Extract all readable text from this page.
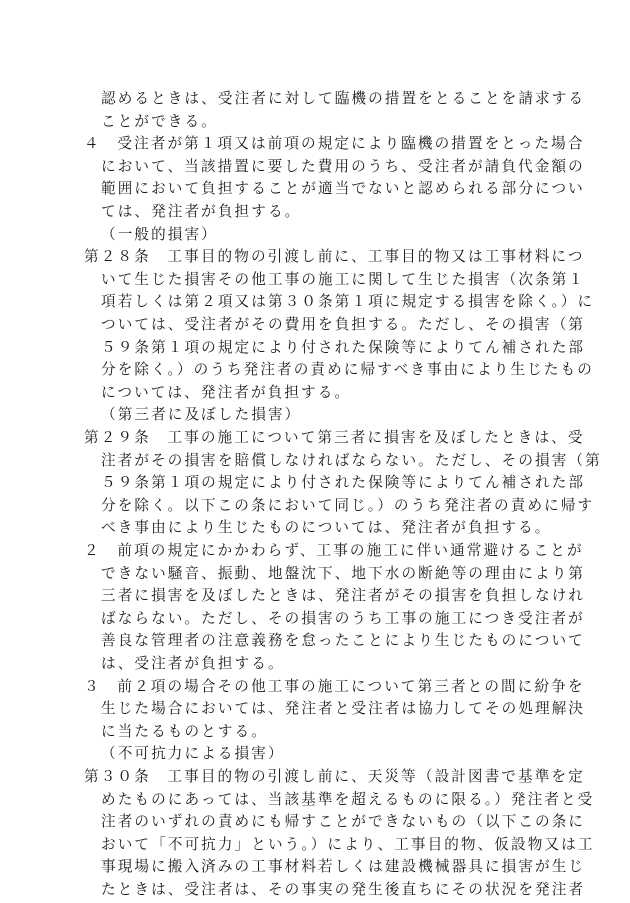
認めるときは、受注者に対して臨機の措置をとることを請求する
ことができる。
４　受注者が第１項又は前項の規定により臨機の措置をとった場合
において、当該措置に要した費用のうち、受注者が請負代金額の
範囲において負担することが適当でないと認められる部分につい
ては、発注者が負担する。
（一般的損害）
第２８条　工事目的物の引渡し前に、工事目的物又は工事材料につ
いて生じた損害その他工事の施工に関して生じた損害（次条第１
項若しくは第２項又は第３０条第１項に規定する損害を除く。）に
ついては、受注者がその費用を負担する。ただし、その損害（第
５９条第１項の規定により付された保険等によりてん補された部
分を除く。）のうち発注者の責めに帰すべき事由により生じたもの
については、発注者が負担する。
（第三者に及ぼした損害）
第２９条　工事の施工について第三者に損害を及ぼしたときは、受
注者がその損害を賠償しなければならない。ただし、その損害（第
５９条第１項の規定により付された保険等によりてん補された部
分を除く。以下この条において同じ。）のうち発注者の責めに帰す
べき事由により生じたものについては、発注者が負担する。
２　前項の規定にかかわらず、工事の施工に伴い通常避けることが
できない騒音、振動、地盤沈下、地下水の断絶等の理由により第
三者に損害を及ぼしたときは、発注者がその損害を負担しなけれ
ばならない。ただし、その損害のうち工事の施工につき受注者が
善良な管理者の注意義務を怠ったことにより生じたものについて
は、受注者が負担する。
３　前２項の場合その他工事の施工について第三者との間に紛争を
生じた場合においては、発注者と受注者は協力してその処理解決
に当たるものとする。
（不可抗力による損害）
第３０条　工事目的物の引渡し前に、天災等（設計図書で基準を定
めたものにあっては、当該基準を超えるものに限る。）発注者と受
注者のいずれの責めにも帰すことができないもの（以下この条に
おいて「不可抗力」という。）により、工事目的物、仮設物又は工
事現場に搬入済みの工事材料若しくは建設機械器具に損害が生じ
たときは、受注者は、その事実の発生後直ちにその状況を発注者
